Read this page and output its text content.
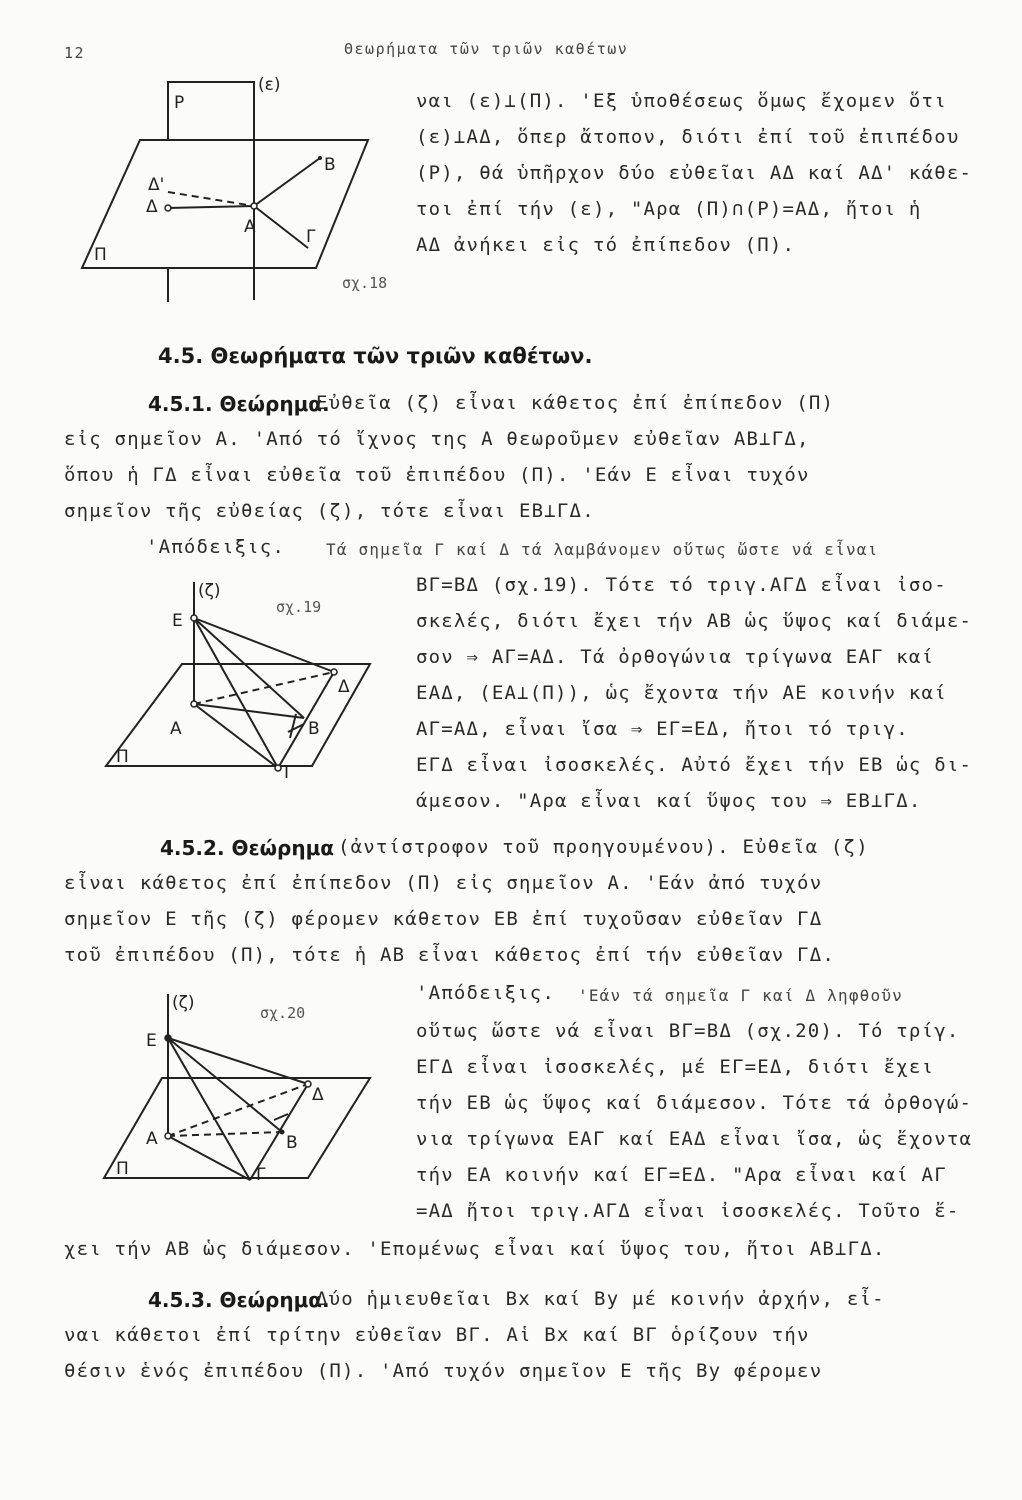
12	Θεωρήματα τῶν τριῶν καθέτων
(ε)
Ρ
Δ'
Δ
Α
Β
Γ
Π
σχ.18
ναι (ε)⊥(Π). 'Εξ ὑποθέσεως ὅμως ἔχομεν ὅτι
(ε)⊥ΑΔ, ὅπερ ἄτοπον, διότι ἐπί τοῦ ἐπιπέδου
(Ρ), θά ὑπῆρχον δύο εὐθεῖαι ΑΔ καί ΑΔ' κάθε-
τοι ἐπί τήν (ε), "Αρα (Π)∩(Ρ)=ΑΔ, ἤτοι ἡ
ΑΔ ἀνήκει εἰς τό ἐπίπεδον (Π).
4.5. Θεωρήματα τῶν τριῶν καθέτων.
4.5.1. Θεώρημα.
Εὐθεῖα (ζ) εἶναι κάθετος ἐπί ἐπίπεδον (Π)
εἰς σημεῖον Α. 'Από τό ἴχνος της Α θεωροῦμεν εὐθεῖαν ΑΒ⊥ΓΔ,
ὅπου ἡ ΓΔ εἶναι εὐθεῖα τοῦ ἐπιπέδου (Π). 'Εάν Ε εἶναι τυχόν
σημεῖον τῆς εὐθείας (ζ), τότε εἶναι ΕΒ⊥ΓΔ.
'Απόδειξις.	Τά σημεῖα Γ καί Δ τά λαμβάνομεν οὕτως ὥστε νά εἶναι
(ζ)
Ε
Δ
Α	Β
Γ
Π
σχ.19
ΒΓ=ΒΔ (σχ.19). Τότε τό τριγ.ΑΓΔ εἶναι ἰσο-
σκελές, διότι ἔχει τήν ΑΒ ὡς ὕψος καί διάμε-
σον ⇒ ΑΓ=ΑΔ. Τά ὀρθογώνια τρίγωνα ΕΑΓ καί
ΕΑΔ, (ΕΑ⊥(Π)), ὡς ἔχοντα τήν ΑΕ κοινήν καί
ΑΓ=ΑΔ, εἶναι ἴσα ⇒ ΕΓ=ΕΔ, ἤτοι τό τριγ.
ΕΓΔ εἶναι ἰσοσκελές. Αὐτό ἔχει τήν ΕΒ ὡς δι-
άμεσον. "Αρα εἶναι καί ὕψος του ⇒ ΕΒ⊥ΓΔ.
4.5.2. Θεώρημα (ἀντίστροφον τοῦ προηγουμένου). Εὐθεῖα (ζ)
εἶναι κάθετος ἐπί ἐπίπεδον (Π) εἰς σημεῖον Α. 'Εάν ἀπό τυχόν
σημεῖον Ε τῆς (ζ) φέρομεν κάθετον ΕΒ ἐπί τυχοῦσαν εὐθεῖαν ΓΔ
τοῦ ἐπιπέδου (Π), τότε ἡ ΑΒ εἶναι κάθετος ἐπί τήν εὐθεῖαν ΓΔ.
'Απόδειξις. 'Εάν τά σημεῖα Γ καί Δ ληφθοῦν
(ζ)
Ε
Δ
Α	Β
Γ
Π
σχ.20
οὕτως ὥστε νά εἶναι ΒΓ=ΒΔ (σχ.20). Τό τρίγ.
ΕΓΔ εἶναι ἰσοσκελές, μέ ΕΓ=ΕΔ, διότι ἔχει
τήν ΕΒ ὡς ὕψος καί διάμεσον. Τότε τά ὀρθογώ-
νια τρίγωνα ΕΑΓ καί ΕΑΔ εἶναι ἴσα, ὡς ἔχοντα
τήν ΕΑ κοινήν καί ΕΓ=ΕΔ. "Αρα εἶναι καί ΑΓ
=ΑΔ ἤτοι τριγ.ΑΓΔ εἶναι ἰσοσκελές. Τοῦτο ἔ-
χει τήν ΑΒ ὡς διάμεσον. 'Επομένως εἶναι καί ὕψος του, ἤτοι ΑΒ⊥ΓΔ.
4.5.3. Θεώρημα.
Δύο ἡμιευθεῖαι Βx καί Βy μέ κοινήν ἀρχήν, εἶ-
ναι κάθετοι ἐπί τρίτην εὐθεῖαν ΒΓ. Αἱ Βx καί ΒΓ ὁρίζουν τήν
θέσιν ἑνός ἐπιπέδου (Π). 'Από τυχόν σημεῖον Ε τῆς Βy φέρομεν
